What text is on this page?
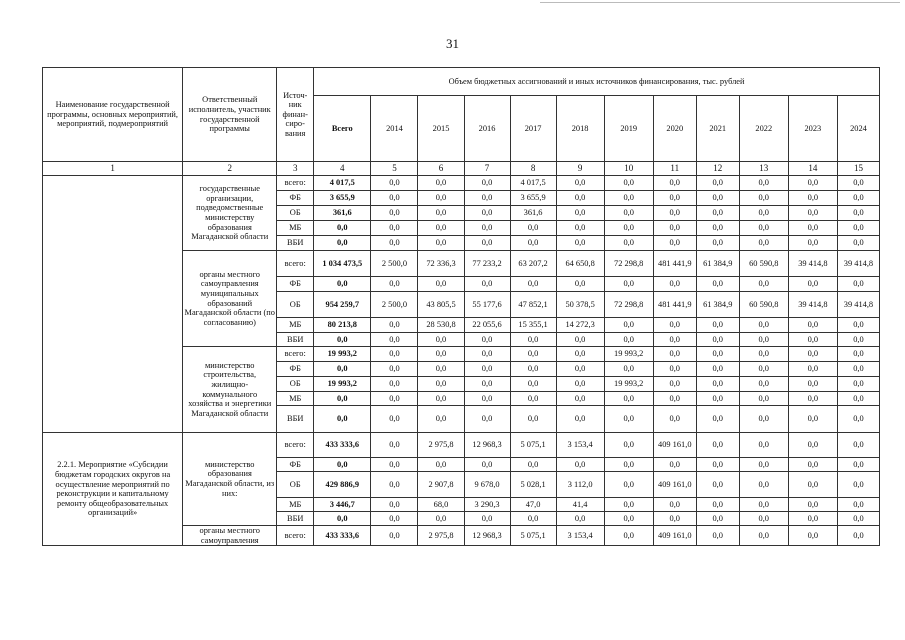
31
Наименование государственной программы, основных мероприятий, мероприятий, подмероприятий	Ответственный исполнитель, участник государственной программы	Источ-ник финан-сиро-вания	Объем бюджетных ассигнований и иных источников финансирования, тыс. рублей											
			Всего	2014	2015	2016	2017	2018	2019	2020	2021	2022	2023	2024
1	2	3	4	5	6	7	8	9	10	11	12	13	14	15
	государственные организации, подведомственные министерству образования Магаданской области	всего:	4 017,5	0,0	0,0	0,0	4 017,5	0,0	0,0	0,0	0,0	0,0	0,0	0,0
		ФБ	3 655,9	0,0	0,0	0,0	3 655,9	0,0	0,0	0,0	0,0	0,0	0,0	0,0
		ОБ	361,6	0,0	0,0	0,0	361,6	0,0	0,0	0,0	0,0	0,0	0,0	0,0
		МБ	0,0	0,0	0,0	0,0	0,0	0,0	0,0	0,0	0,0	0,0	0,0	0,0
		ВБИ	0,0	0,0	0,0	0,0	0,0	0,0	0,0	0,0	0,0	0,0	0,0	0,0
	органы местного самоуправления муниципальных образований Магаданской области (по согласованию)	всего:	1 034 473,5	2 500,0	72 336,3	77 233,2	63 207,2	64 650,8	72 298,8	481 441,9	61 384,9	60 590,8	39 414,8	39 414,8
		ФБ	0,0	0,0	0,0	0,0	0,0	0,0	0,0	0,0	0,0	0,0	0,0	0,0
		ОБ	954 259,7	2 500,0	43 805,5	55 177,6	47 852,1	50 378,5	72 298,8	481 441,9	61 384,9	60 590,8	39 414,8	39 414,8
		МБ	80 213,8	0,0	28 530,8	22 055,6	15 355,1	14 272,3	0,0	0,0	0,0	0,0	0,0	0,0
		ВБИ	0,0	0,0	0,0	0,0	0,0	0,0	0,0	0,0	0,0	0,0	0,0	0,0
	министерство строительства, жилищно-коммунального хозяйства и энергетики Магаданской области	всего:	19 993,2	0,0	0,0	0,0	0,0	0,0	19 993,2	0,0	0,0	0,0	0,0	0,0
		ФБ	0,0	0,0	0,0	0,0	0,0	0,0	0,0	0,0	0,0	0,0	0,0	0,0
		ОБ	19 993,2	0,0	0,0	0,0	0,0	0,0	19 993,2	0,0	0,0	0,0	0,0	0,0
		МБ	0,0	0,0	0,0	0,0	0,0	0,0	0,0	0,0	0,0	0,0	0,0	0,0
		ВБИ	0,0	0,0	0,0	0,0	0,0	0,0	0,0	0,0	0,0	0,0	0,0	0,0
2.2.1. Мероприятие «Субсидии бюджетам городских округов на осуществление мероприятий по реконструкции и капитальному ремонту общеобразовательных организаций»	министерство образования Магаданской области, из них:	всего:	433 333,6	0,0	2 975,8	12 968,3	5 075,1	3 153,4	0,0	409 161,0	0,0	0,0	0,0	0,0
		ФБ	0,0	0,0	0,0	0,0	0,0	0,0	0,0	0,0	0,0	0,0	0,0	0,0
		ОБ	429 886,9	0,0	2 907,8	9 678,0	5 028,1	3 112,0	0,0	409 161,0	0,0	0,0	0,0	0,0
		МБ	3 446,7	0,0	68,0	3 290,3	47,0	41,4	0,0	0,0	0,0	0,0	0,0	0,0
		ВБИ	0,0	0,0	0,0	0,0	0,0	0,0	0,0	0,0	0,0	0,0	0,0	0,0
	органы местного самоуправления	всего:	433 333,6	0,0	2 975,8	12 968,3	5 075,1	3 153,4	0,0	409 161,0	0,0	0,0	0,0	0,0
